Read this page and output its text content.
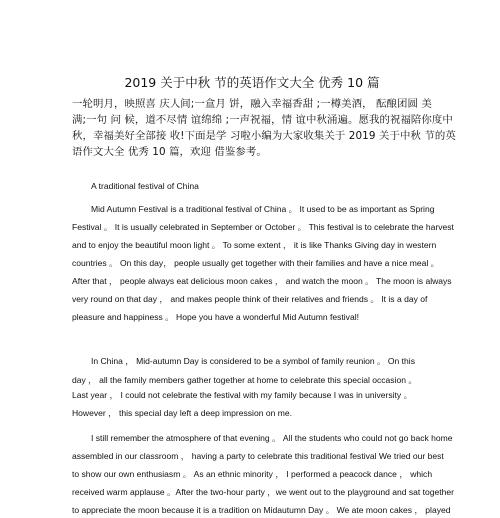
2019 关于中秋 节的英语作文大全 优秀 10 篇
一轮明月，映照喜 庆人间;一盒月 饼，融入幸福香甜 ;一樽美酒， 酝酿团圆 美
满;一句 问 候，道不尽情 谊绵绵 ;一声祝福，情 谊中秋涌遍。愿我的祝福陪你度中
秋，幸福美好全部接 收!下面是学 习啦小编为大家收集关于 2019 关于中秋 节的英
语作文大全 优秀 10 篇，欢迎 借鉴参考。
A traditional festival of China
Mid Autumn Festival is a traditional festival of China 。 It used to be as important as Spring
Festival 。 It is usually celebrated in September or October 。 This festival is to celebrate the harvest
and to enjoy the beautiful moon light 。 To some extent ， it is like Thanks Giving day in western
countries 。 On this day， people usually get together with their families and have a nice meal 。
After that ， people always eat delicious moon cakes ， and watch the moon 。 The moon is always
very round on that day ， and makes people think of their relatives and friends 。 It is a day of
pleasure and happiness 。 Hope you have a wonderful Mid Autumn festival!
In China ， Mid-autumn Day is considered to be a symbol of family reunion 。 On this
day ， all the family members gather together at home to celebrate this special occasion 。
Last year ， I could not celebrate the festival with my family because I was in university 。
However ， this special day left a deep impression on me.
I still remember the atmosphere of that evening 。 All the students who could not go back home
assembled in our classroom ， having a party to celebrate this traditional festival We tried our best
to show our own enthusiasm 。 As an ethnic minority ， I performed a peacock dance ， which
received warm applause 。After the two-hour party ，we went out to the playground and sat together
to appreciate the moon because it is a tradition on Midautumn Day 。 We ate moon cakes ， played
